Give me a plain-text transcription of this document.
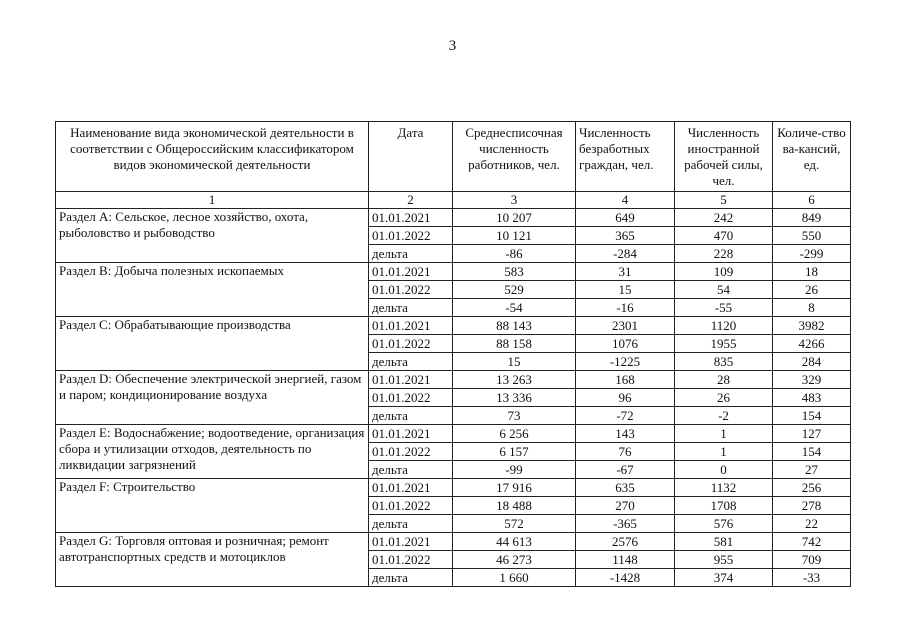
3
Наименование вида экономической деятельности в соответствии с Общероссийским классификатором видов экономической деятельности	Дата	Среднесписочная численность работников, чел.	Численность безработных граждан, чел.	Численность иностранной рабочей силы, чел.	Количе-ство ва-кансий, ед.
1	2	3	4	5	6
Раздел А: Сельское, лесное хозяйство, охота, рыболовство и рыбоводство	01.01.2021	10 207	649	242	849
	01.01.2022	10 121	365	470	550
	дельта	-86	-284	228	-299
Раздел В: Добыча полезных ископаемых	01.01.2021	583	31	109	18
	01.01.2022	529	15	54	26
	дельта	-54	-16	-55	8
Раздел С: Обрабатывающие производства	01.01.2021	88 143	2301	1120	3982
	01.01.2022	88 158	1076	1955	4266
	дельта	15	-1225	835	284
Раздел D: Обеспечение электрической энергией, газом и паром; кондиционирование воздуха	01.01.2021	13 263	168	28	329
	01.01.2022	13 336	96	26	483
	дельта	73	-72	-2	154
Раздел Е: Водоснабжение; водоотведение, организация сбора и утилизации отходов, деятельность по ликвидации загрязнений	01.01.2021	6 256	143	1	127
	01.01.2022	6 157	76	1	154
	дельта	-99	-67	0	27
Раздел F: Строительство	01.01.2021	17 916	635	1132	256
	01.01.2022	18 488	270	1708	278
	дельта	572	-365	576	22
Раздел G: Торговля оптовая и розничная; ремонт автотранспортных средств и мотоциклов	01.01.2021	44 613	2576	581	742
	01.01.2022	46 273	1148	955	709
	дельта	1 660	-1428	374	-33
